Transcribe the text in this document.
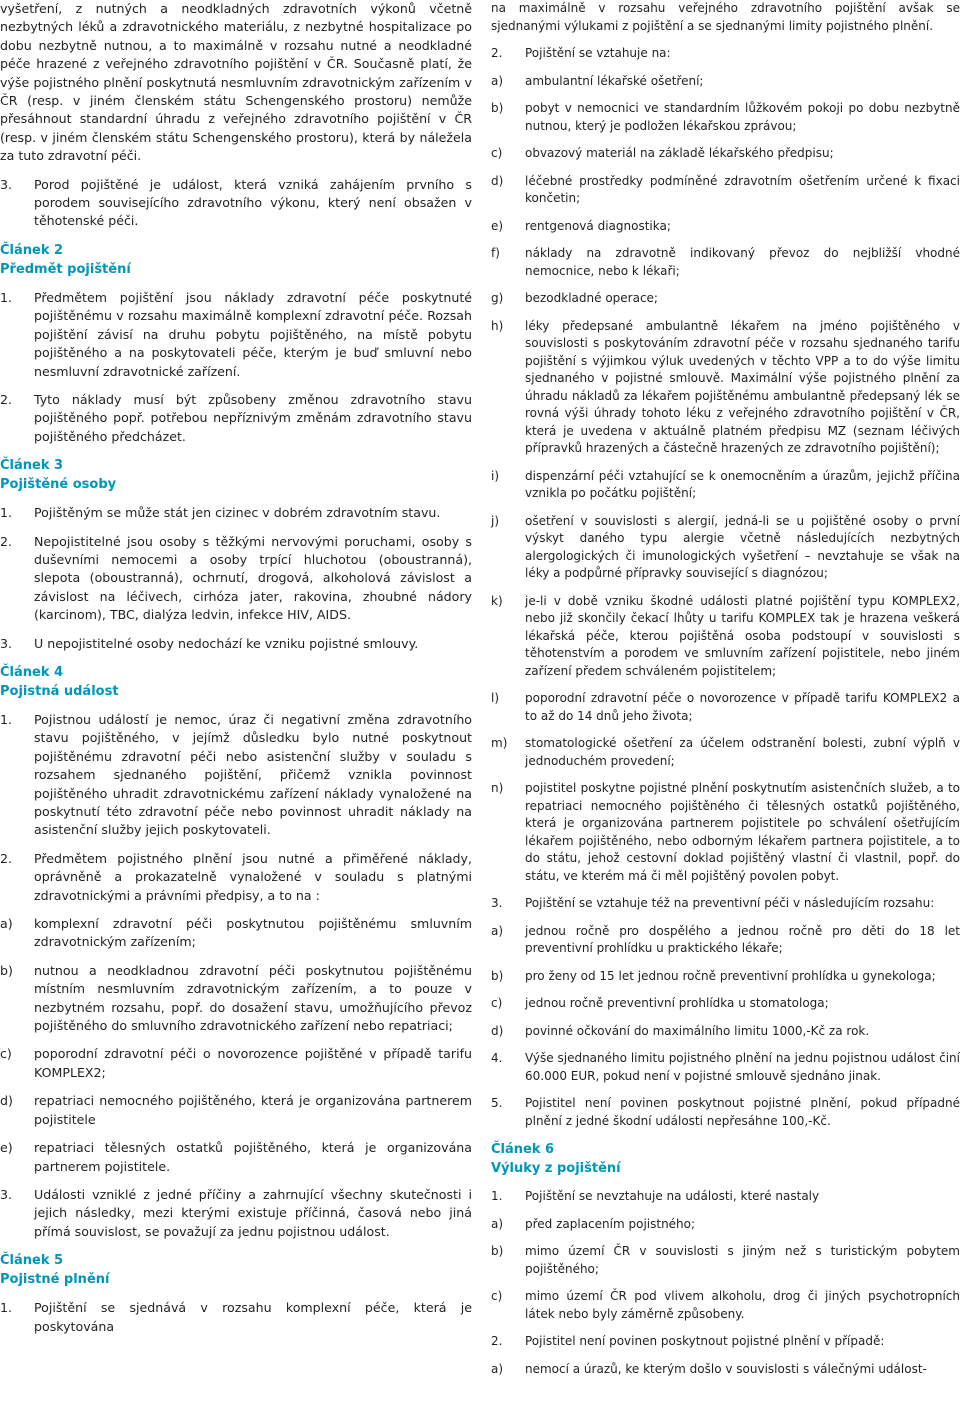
vyšetření, z nutných a neodkladných zdravotních výkonů včetně nezbytných léků a zdravotnického materiálu, z nezbytné hospitalizace po dobu nezbytně nutnou, a to maximálně v rozsahu nutné a neodkladné péče hrazené z veřejného zdravotního pojištění v ČR. Současně platí, že výše pojistného plnění poskytnutá nesmluvním zdravotnickým zařízením v ČR (resp. v jiném členském státu Schengenského prostoru) nemůže přesáhnout standardní úhradu z veřejného zdravotního pojištění v ČR (resp. v jiném členském státu Schengenského prostoru), která by náležela za tuto zdravotní péči.
3. Porod pojištěné je událost, která vzniká zahájením prvního s porodem souvisejícího zdravotního výkonu, který není obsažen v těhotenské péči.
Článek 2
Předmět pojištění
1. Předmětem pojištění jsou náklady zdravotní péče poskytnuté pojištěnému v rozsahu maximálně komplexní zdravotní péče. Rozsah pojištění závisí na druhu pobytu pojištěného, na místě pobytu pojištěného a na poskytovateli péče, kterým je buď smluvní nebo nesmluvní zdravotnické zařízení.
2. Tyto náklady musí být způsobeny změnou zdravotního stavu pojištěného popř. potřebou nepříznivým změnám zdravotního stavu pojištěného předcházet.
Článek 3
Pojištěné osoby
1. Pojištěným se může stát jen cizinec v dobrém zdravotním stavu.
2. Nepojistitelné jsou osoby s těžkými nervovými poruchami, osoby s duševními nemocemi a osoby trpící hluchotou (oboustranná), slepota (oboustranná), ochrnutí, drogová, alkoholová závislost a závislost na léčivech, cirhóza jater, rakovina, zhoubné nádory (karcinom), TBC, dialýza ledvin, infekce HIV, AIDS.
3. U nepojistitelné osoby nedochází ke vzniku pojistné smlouvy.
Článek 4
Pojistná událost
1. Pojistnou událostí je nemoc, úraz či negativní změna zdravotního stavu pojištěného, v jejímž důsledku bylo nutné poskytnout pojištěnému zdravotní péči nebo asistenční služby v souladu s rozsahem sjednaného pojištění, přičemž vznikla povinnost pojištěného uhradit zdravotnickému zařízení náklady vynaložené na poskytnutí této zdravotní péče nebo povinnost uhradit náklady na asistenční služby jejich poskytovateli.
2. Předmětem pojistného plnění jsou nutné a přiměřené náklady, oprávněně a prokazatelně vynaložené v souladu s platnými zdravotnickými a právními předpisy, a to na :
a) komplexní zdravotní péči poskytnutou pojištěnému smluvním zdravotnickým zařízením;
b) nutnou a neodkladnou zdravotní péči poskytnutou pojištěnému místním nesmluvním zdravotnickým zařízením, a to pouze v nezbytném rozsahu, popř. do dosažení stavu, umožňujícího převoz pojištěného do smluvního zdravotnického zařízení nebo repatriaci;
c) poporodní zdravotní péči o novorozence pojištěné v případě tarifu KOMPLEX2;
d) repatriaci nemocného pojištěného, která je organizována partnerem pojistitele
e) repatriaci tělesných ostatků pojištěného, která je organizována partnerem pojistitele.
3. Události vzniklé z jedné příčiny a zahrnující všechny skutečnosti i jejich následky, mezi kterými existuje příčinná, časová nebo jiná přímá souvislost, se považují za jednu pojistnou událost.
Článek 5
Pojistné plnění
1. Pojištění se sjednává v rozsahu komplexní péče, která je poskytována
na maximálně v rozsahu veřejného zdravotního pojištění avšak se sjednanými výlukami z pojištění a se sjednanými limity pojistného plnění.
2. Pojištění se vztahuje na:
a) ambulantní lékařské ošetření;
b) pobyt v nemocnici ve standardním lůžkovém pokoji po dobu nezbytně nutnou, který je podložen lékařskou zprávou;
c) obvazový materiál na základě lékařského předpisu;
d) léčebné prostředky podmíněné zdravotním ošetřením určené k fixaci končetin;
e) rentgenová diagnostika;
f) náklady na zdravotně indikovaný převoz do nejbližší vhodné nemocnice, nebo k lékaři;
g) bezodkladné operace;
h) léky předepsané ambulantně lékařem na jméno pojištěného v souvislosti s poskytováním zdravotní péče v rozsahu sjednaného tarifu pojištění s výjimkou výluk uvedených v těchto VPP a to do výše limitu sjednaného v pojistné smlouvě. Maximální výše pojistného plnění za úhradu nákladů za lékařem pojištěnému ambulantně předepsaný lék se rovná výši úhrady tohoto léku z veřejného zdravotního pojištění v ČR, která je uvedena v aktuálně platném předpisu MZ (seznam léčivých přípravků hrazených a částečně hrazených ze zdravotního pojištění);
i) dispenzární péči vztahující se k onemocněním a úrazům, jejichž příčina vznikla po počátku pojištění;
j) ošetření v souvislosti s alergií, jedná-li se u pojištěné osoby o první výskyt daného typu alergie včetně následujících nezbytných alergologických či imunologických vyšetření – nevztahuje se však na léky a podpůrné přípravky související s diagnózou;
k) je-li v době vzniku škodné události platné pojištění typu KOMPLEX2, nebo již skončily čekací lhůty u tarifu KOMPLEX tak je hrazena veškerá lékařská péče, kterou pojištěná osoba podstoupí v souvislosti s těhotenstvím a porodem ve smluvním zařízení pojistitele, nebo jiném zařízení předem schváleném pojistitelem;
l) poporodní zdravotní péče o novorozence v případě tarifu KOMPLEX2 a to až do 14 dnů jeho života;
m) stomatologické ošetření za účelem odstranění bolesti, zubní výplň v jednoduchém provedení;
n) pojistitel poskytne pojistné plnění poskytnutím asistenčních služeb, a to repatriaci nemocného pojištěného či tělesných ostatků pojištěného, která je organizována partnerem pojistitele po schválení ošetřujícím lékařem pojištěného, nebo odborným lékařem partnera pojistitele, a to do státu, jehož cestovní doklad pojištěný vlastní či vlastnil, popř. do státu, ve kterém má či měl pojištěný povolen pobyt.
3. Pojištění se vztahuje též na preventivní péči v následujícím rozsahu:
a) jednou ročně pro dospělého a jednou ročně pro děti do 18 let preventivní prohlídku u praktického lékaře;
b) pro ženy od 15 let jednou ročně preventivní prohlídka u gynekologa;
c) jednou ročně preventivní prohlídka u stomatologa;
d) povinné očkování do maximálního limitu 1000,-Kč za rok.
4. Výše sjednaného limitu pojistného plnění na jednu pojistnou událost činí 60.000 EUR, pokud není v pojistné smlouvě sjednáno jinak.
5. Pojistitel není povinen poskytnout pojistné plnění, pokud případné plnění z jedné škodní události nepřesáhne 100,-Kč.
Článek 6
Výluky z pojištění
1. Pojištění se nevztahuje na události, které nastaly
a) před zaplacením pojistného;
b) mimo území ČR v souvislosti s jiným než s turistickým pobytem pojištěného;
c) mimo území ČR pod vlivem alkoholu, drog či jiných psychotropních látek nebo byly záměrně způsobeny.
2. Pojistitel není povinen poskytnout pojistné plnění v případě:
a) nemocí a úrazů, ke kterým došlo v souvislosti s válečnými událost-
